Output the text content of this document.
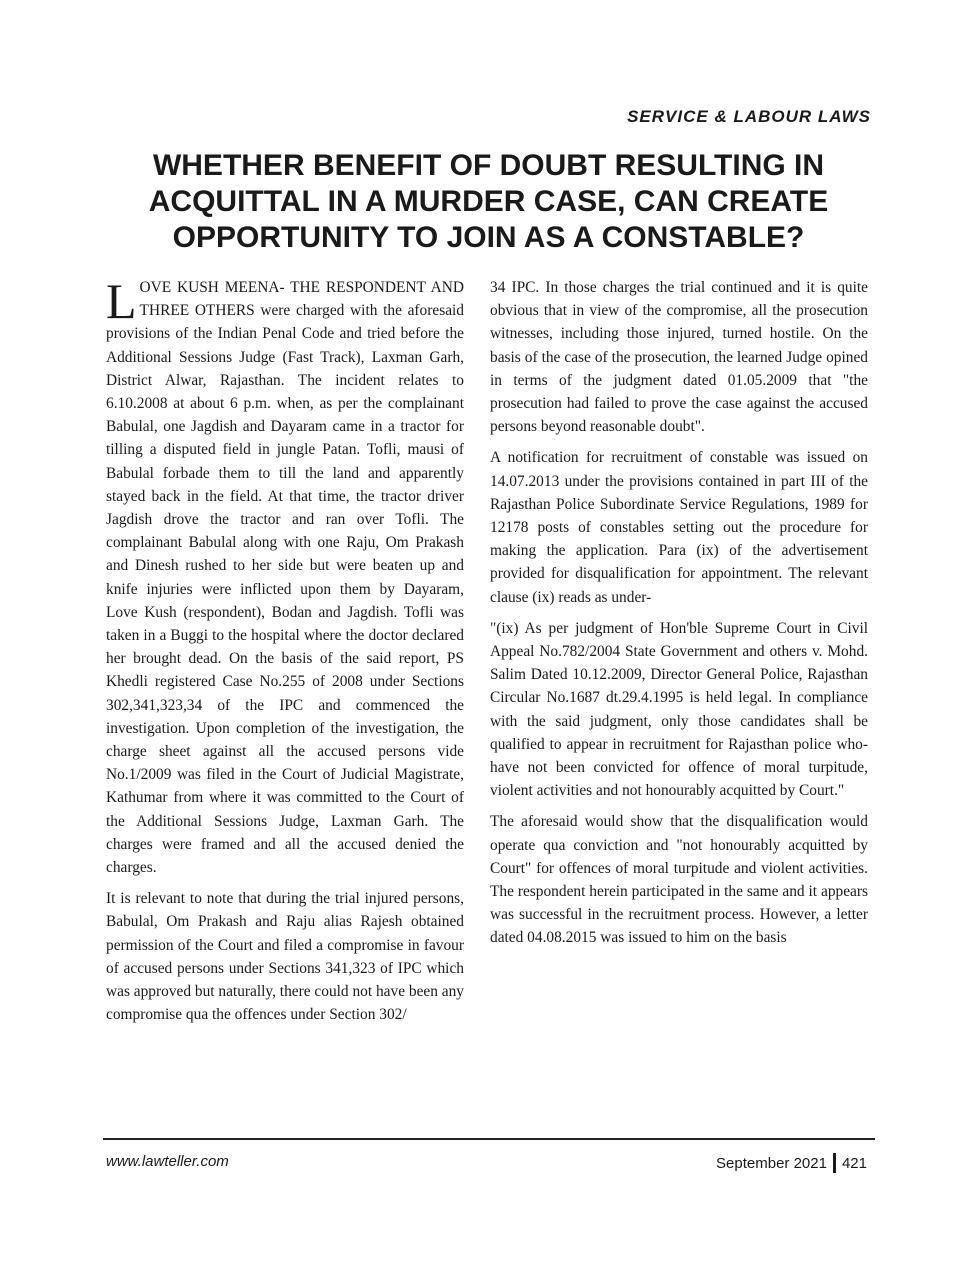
SERVICE & LABOUR LAWS
WHETHER BENEFIT OF DOUBT RESULTING IN
ACQUITTAL IN A MURDER CASE, CAN CREATE
OPPORTUNITY TO JOIN AS A CONSTABLE?

L OVE KUSH MEENA- THE RESPONDENT AND THREE OTHERS were charged with the aforesaid provisions of the Indian Penal Code and tried before the Additional Sessions Judge (Fast Track), Laxman Garh, District Alwar, Rajasthan. The incident relates to 6.10.2008 at about 6 p.m. when, as per the complainant Babulal, one Jagdish and Dayaram came in a tractor for tilling a disputed field in jungle Patan. Tofli, mausi of Babulal forbade them to till the land and apparently stayed back in the field. At that time, the tractor driver Jagdish drove the tractor and ran over Tofli. The complainant Babulal along with one Raju, Om Prakash and Dinesh rushed to her side but were beaten up and knife injuries were inflicted upon them by Dayaram, Love Kush (respondent), Bodan and Jagdish. Tofli was taken in a Buggi to the hospital where the doctor declared her brought dead. On the basis of the said report, PS Khedli registered Case No.255 of 2008 under Sections 302,341,323,34 of the IPC and commenced the investigation. Upon completion of the investigation, the charge sheet against all the accused persons vide No.1/2009 was filed in the Court of Judicial Magistrate, Kathumar from where it was committed to the Court of the Additional Sessions Judge, Laxman Garh. The charges were framed and all the accused denied the charges.

It is relevant to note that during the trial injured persons, Babulal, Om Prakash and Raju alias Rajesh obtained permission of the Court and filed a compromise in favour of accused persons under Sections 341,323 of IPC which was approved but naturally, there could not have been any compromise qua the offences under Section 302/

34 IPC. In those charges the trial continued and it is quite obvious that in view of the compromise, all the prosecution witnesses, including those injured, turned hostile. On the basis of the case of the prosecution, the learned Judge opined in terms of the judgment dated 01.05.2009 that "the prosecution had failed to prove the case against the accused persons beyond reasonable doubt".

A notification for recruitment of constable was issued on 14.07.2013 under the provisions contained in part III of the Rajasthan Police Subordinate Service Regulations, 1989 for 12178 posts of constables setting out the procedure for making the application. Para (ix) of the advertisement provided for disqualification for appointment. The relevant clause (ix) reads as under-

"(ix) As per judgment of Hon'ble Supreme Court in Civil Appeal No.782/2004 State Government and others v. Mohd. Salim Dated 10.12.2009, Director General Police, Rajasthan Circular No.1687 dt.29.4.1995 is held legal. In compliance with the said judgment, only those candidates shall be qualified to appear in recruitment for Rajasthan police who- have not been convicted for offence of moral turpitude, violent activities and not honourably acquitted by Court."

The aforesaid would show that the disqualification would operate qua conviction and "not honourably acquitted by Court" for offences of moral turpitude and violent activities. The respondent herein participated in the same and it appears was successful in the recruitment process. However, a letter dated 04.08.2015 was issued to him on the basis

www.lawteller.com	September 2021 421
